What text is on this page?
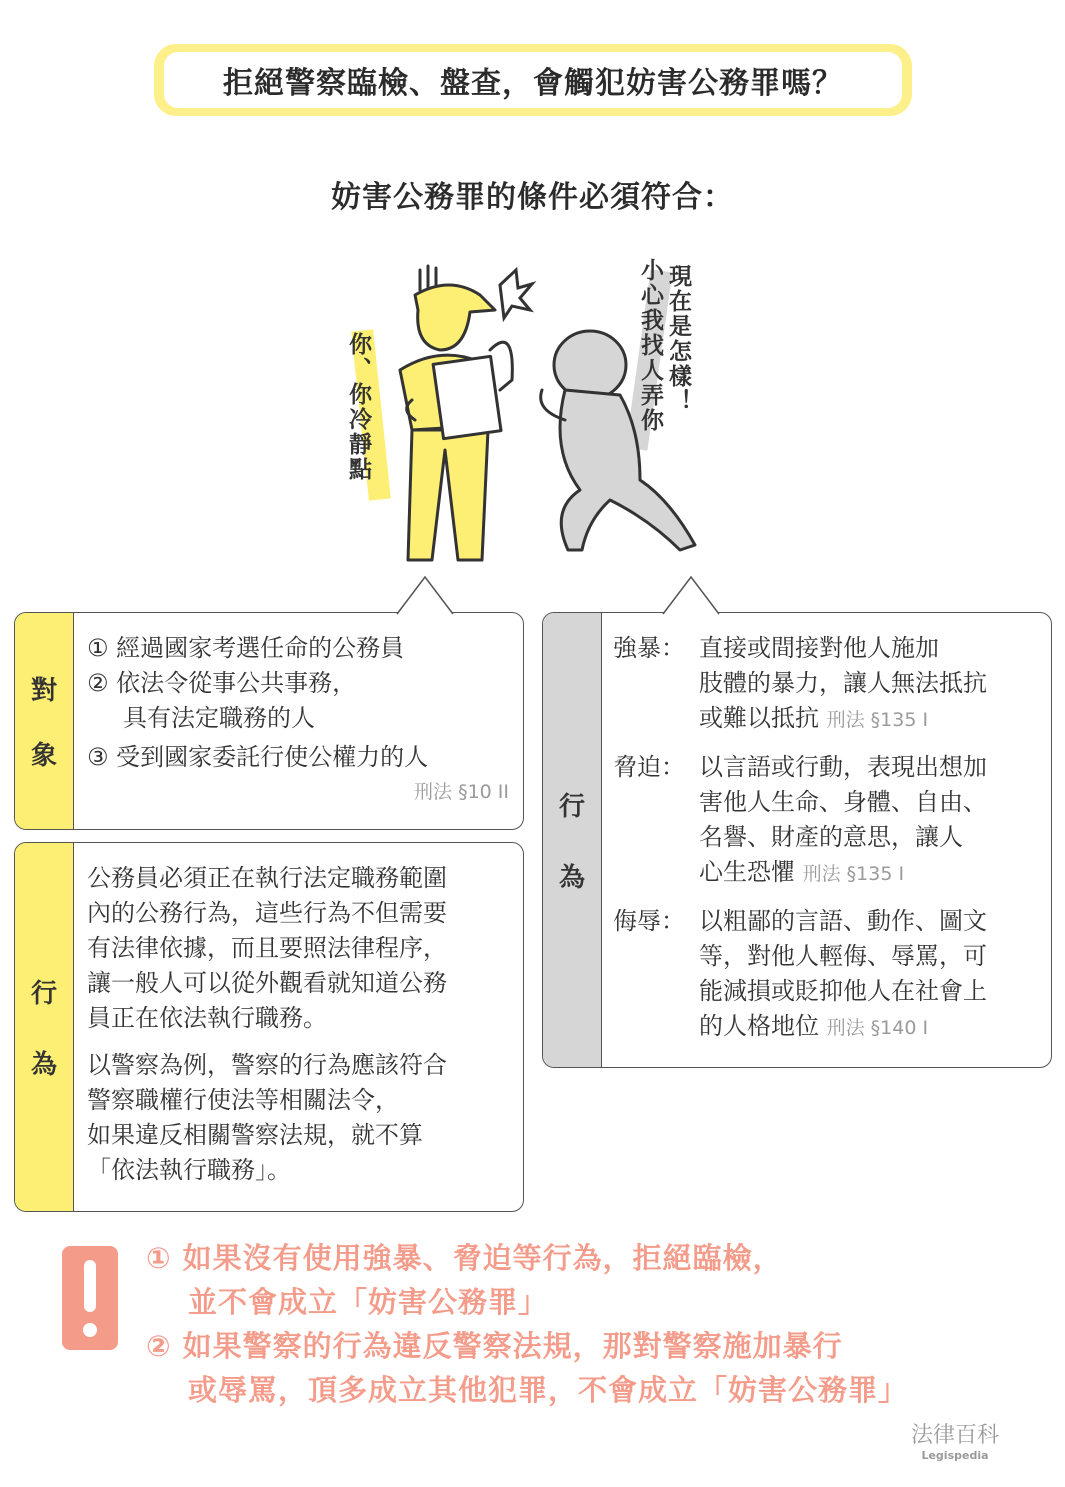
拒絕警察臨檢、盤查，會觸犯妨害公務罪嗎？
妨害公務罪的條件必須符合：
你、你冷靜點	現在是怎樣！
小心我找人弄你
對
象
① 經過國家考選任命的公務員
② 依法令從事公共事務，
具有法定職務的人
③ 受到國家委託行使公權力的人
刑法 §10 II
行
為
公務員必須正在執行法定職務範圍
內的公務行為，這些行為不但需要
有法律依據，而且要照法律程序，
讓一般人可以從外觀看就知道公務
員正在依法執行職務。
以警察為例，警察的行為應該符合
警察職權行使法等相關法令，
如果違反相關警察法規，就不算
「依法執行職務」。
行
為
強暴： 直接或間接對他人施加
肢體的暴力，讓人無法抵抗
或難以抵抗 刑法 §135 I
脅迫： 以言語或行動，表現出想加
害他人生命、身體、自由、
名譽、財產的意思，讓人
心生恐懼 刑法 §135 I
侮辱： 以粗鄙的言語、動作、圖文
等，對他人輕侮、辱罵，可
能減損或貶抑他人在社會上
的人格地位 刑法 §140 I
① 如果沒有使用強暴、脅迫等行為，拒絕臨檢，
並不會成立「妨害公務罪」
② 如果警察的行為違反警察法規，那對警察施加暴行
或辱罵，頂多成立其他犯罪，不會成立「妨害公務罪」
法律百科
Legispedia
